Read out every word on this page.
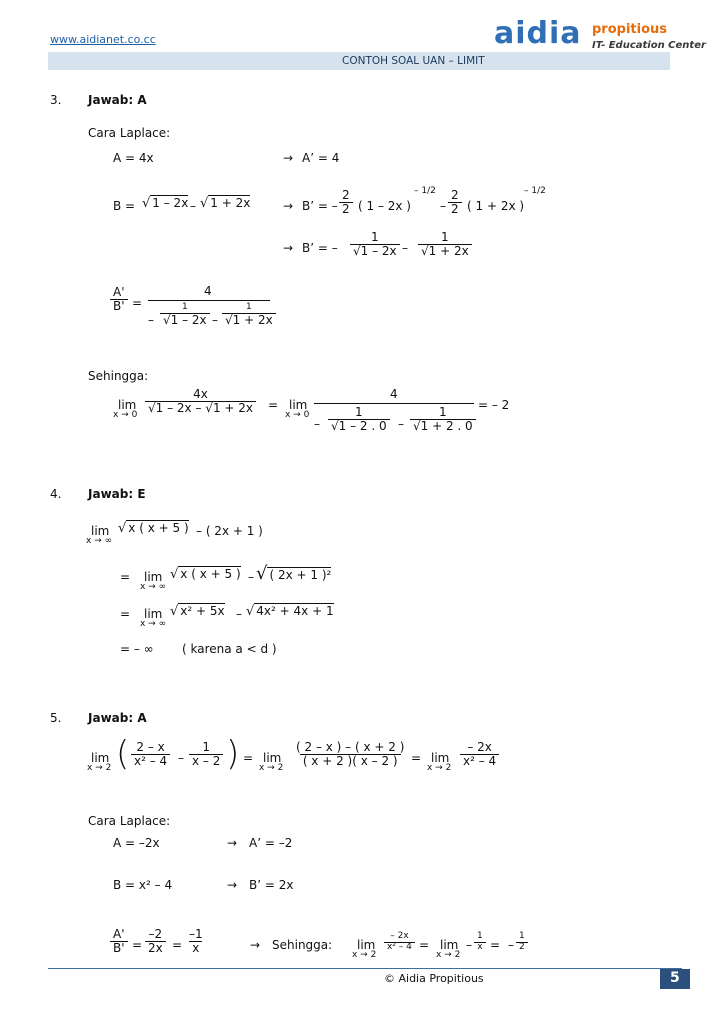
www.aidianet.co.cc
CONTOH SOAL UAN – LIMIT
aidia propitious
IT- Education Center
3. Jawab: A
Cara Laplace:
A = 4x	→ A’ = 4
B = √ 1 – 2x – √ 1 + 2x	→ B’ = – $\frac{2}{2}$ ( 1 – 2x )
– 1/2
– $\frac{2}{2}$ ( 1 + 2x )
– 1/2
→ B’ = – $\frac{1}{√1 - 2x} - \frac{1}{√1 + 2x}$
$\frac{A'}{B'}$ =
4
–
1
√1 – 2x –
1
√1 + 2x
Sehingga:
lim
$x \to 0 \frac{4x}{√1 - 2x - √1 + 2x} = \lim$
x → 0
4
– $\frac{1}{√1 - 2 . 0} - \frac{1}{√1 + 2 . 0}$
= – 2
4. Jawab: E
lim
x → ∞
√ x ( x + 5 ) – ( 2x + 1 )
= lim
x → ∞
√ x ( x + 5 ) – √ ( 2x + 1 )²
= lim
x → ∞
√ x² + 5x – √ 4x² + 4x + 1
= – ∞ ( karena a < d )
5. Jawab: A
lim
x → 2 ( $\frac{2 - x}{\text{x² – 4}} - \frac{1}{x - 2}$ ) = lim
$x \to 2 \frac{( 2 - x ) - ( x + 2 )}{( x + 2 )( x - 2 )} = \lim$
$x \to 2 \frac{- 2x}{\text{x² – 4}}$
Cara Laplace:
A = –2x	→ A’ = –2
B = x² – 4	→ B’ = 2x
$\frac{A'}{B'} = \frac{-2}{2x} = \frac{-1}{x}$	→ Sehingga: lim
x → 2
$\frac{- 2x}{\text{x² – 4}} = \lim$
x → 2
– $\frac{1}{x}$ = – $\frac{1}{2}$
© Aidia Propitious	5
